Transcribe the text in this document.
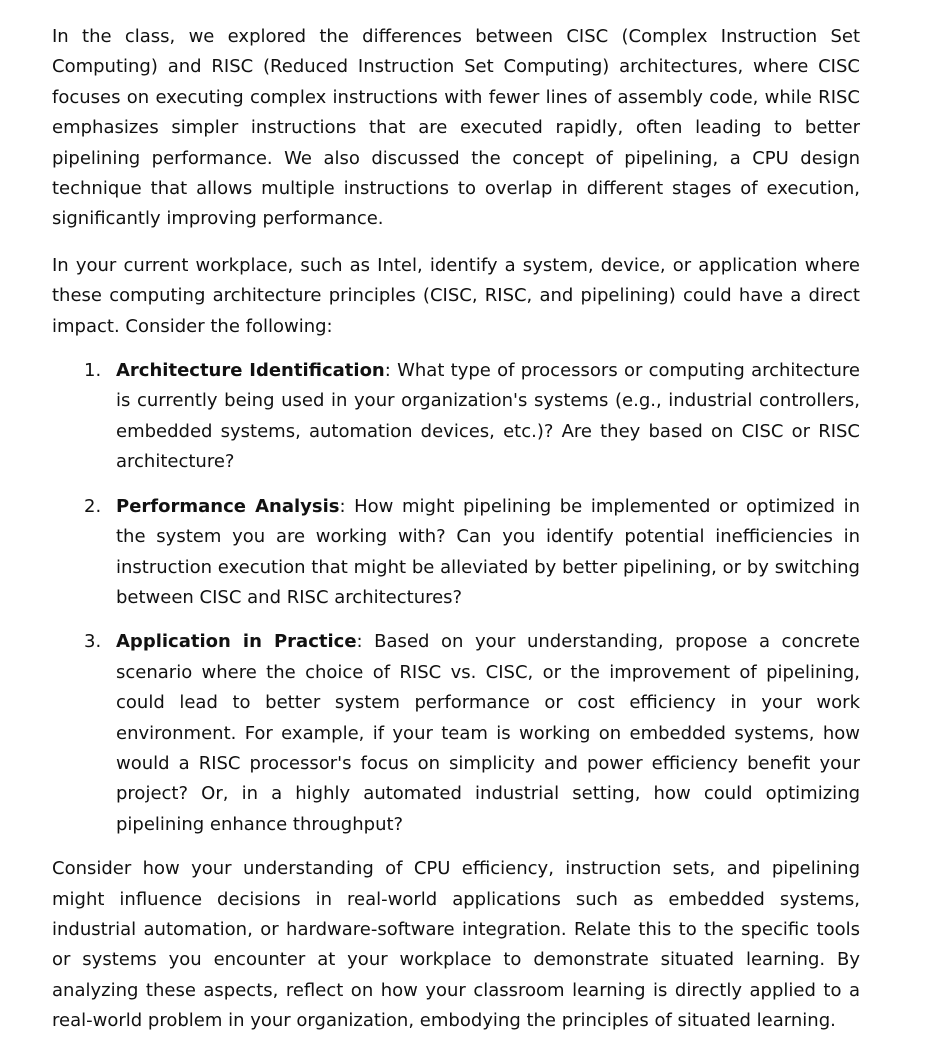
In the class, we explored the differences between CISC (Complex Instruction Set Computing) and RISC (Reduced Instruction Set Computing) architectures, where CISC focuses on executing complex instructions with fewer lines of assembly code, while RISC emphasizes simpler instructions that are executed rapidly, often leading to better pipelining performance. We also discussed the concept of pipelining, a CPU design technique that allows multiple instructions to overlap in different stages of execution, significantly improving performance.

In your current workplace, such as Intel, identify a system, device, or application where these computing architecture principles (CISC, RISC, and pipelining) could have a direct impact. Consider the following:

1. Architecture Identification: What type of processors or computing architecture is currently being used in your organization's systems (e.g., industrial controllers, embedded systems, automation devices, etc.)? Are they based on CISC or RISC architecture?
2. Performance Analysis: How might pipelining be implemented or optimized in the system you are working with? Can you identify potential inefficiencies in instruction execution that might be alleviated by better pipelining, or by switching between CISC and RISC architectures?
3. Application in Practice: Based on your understanding, propose a concrete scenario where the choice of RISC vs. CISC, or the improvement of pipelining, could lead to better system performance or cost efficiency in your work environment. For example, if your team is working on embedded systems, how would a RISC processor's focus on simplicity and power efficiency benefit your project? Or, in a highly automated industrial setting, how could optimizing pipelining enhance throughput?

Consider how your understanding of CPU efficiency, instruction sets, and pipelining might influence decisions in real-world applications such as embedded systems, industrial automation, or hardware-software integration. Relate this to the specific tools or systems you encounter at your workplace to demonstrate situated learning. By analyzing these aspects, reflect on how your classroom learning is directly applied to a real-world problem in your organization, embodying the principles of situated learning.
